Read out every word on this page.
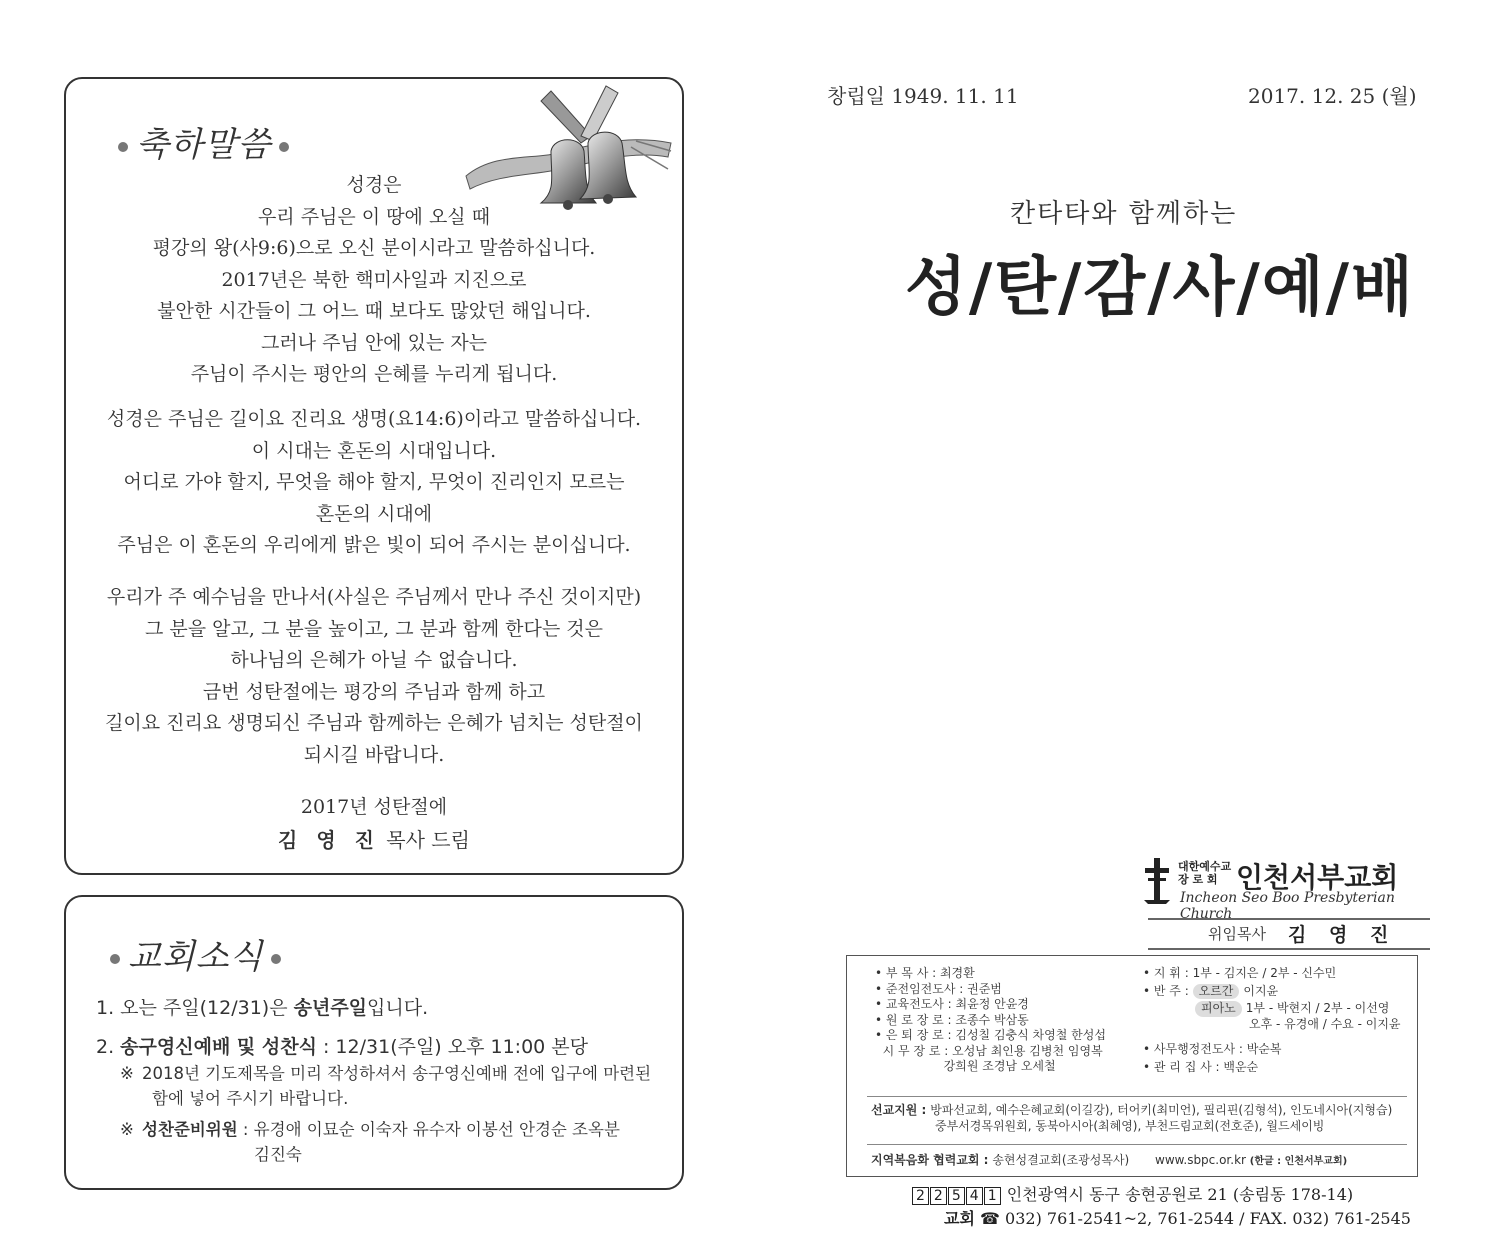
축하말씀
성경은
우리 주님은 이 땅에 오실 때
평강의 왕(사9:6)으로 오신 분이시라고 말씀하십니다.
2017년은 북한 핵미사일과 지진으로
불안한 시간들이 그 어느 때 보다도 많았던 해입니다.
그러나 주님 안에 있는 자는
주님이 주시는 평안의 은혜를 누리게 됩니다.
성경은 주님은 길이요 진리요 생명(요14:6)이라고 말씀하십니다.
이 시대는 혼돈의 시대입니다.
어디로 가야 할지, 무엇을 해야 할지, 무엇이 진리인지 모르는
혼돈의 시대에
주님은 이 혼돈의 우리에게 밝은 빛이 되어 주시는 분이십니다.
우리가 주 예수님을 만나서(사실은 주님께서 만나 주신 것이지만)
그 분을 알고, 그 분을 높이고, 그 분과 함께 한다는 것은
하나님의 은혜가 아닐 수 없습니다.
금번 성탄절에는 평강의 주님과 함께 하고
길이요 진리요 생명되신 주님과 함께하는 은혜가 넘치는 성탄절이
되시길 바랍니다.
2017년 성탄절에
김 영 진 목사 드림
교회소식
1. 오는 주일(12/31)은 송년주일입니다.
2. 송구영신예배 및 성찬식 : 12/31(주일) 오후 11:00 본당
※ 2018년 기도제목을 미리 작성하셔서 송구영신예배 전에 입구에 마련된
함에 넣어 주시기 바랍니다.
※ 성찬준비위원 : 유경애 이묘순 이숙자 유수자 이봉선 안경순 조옥분
김진숙
창립일 1949. 11. 11	2017. 12. 25 (월)
칸타타와 함께하는
성/탄/감/사/예/배
대한예수교
장 로 회 인천서부교회
Incheon Seo Boo Presbyterian Church
위임목사 김 영 진
• 부 목 사 : 최경환
• 준전임전도사 : 권준범
• 교육전도사 : 최윤정 안윤경
• 원 로 장 로 : 조종수 박삼동
• 은 퇴 장 로 : 김성칠 김충식 차영철 한성섭
시 무 장 로 : 오성남 최인용 김병천 임영복
강희원 조경남 오세철
• 지 휘 : 1부 - 김지은 / 2부 - 신수민
• 반 주 : 오르간 이지윤
피아노 1부 - 박현지 / 2부 - 이선영
오후 - 유경애 / 수요 - 이지윤
• 사무행정전도사 : 박순복
• 관 리 집 사 : 백운순
선교지원 : 방파선교회, 예수은혜교회(이길강), 터어키(최미언), 필리핀(김형석), 인도네시아(지형습)
중부서경목위원회, 동북아시아(최혜영), 부천드림교회(전호준), 월드세이빙
지역복음화 협력교회 : 송현성결교회(조광성목사) www.sbpc.or.kr (한글 : 인천서부교회)
2 2 5 4 1 인천광역시 동구 송현공원로 21 (송림동 178-14)
교회 ☎ 032) 761-2541~2, 761-2544 / FAX. 032) 761-2545
